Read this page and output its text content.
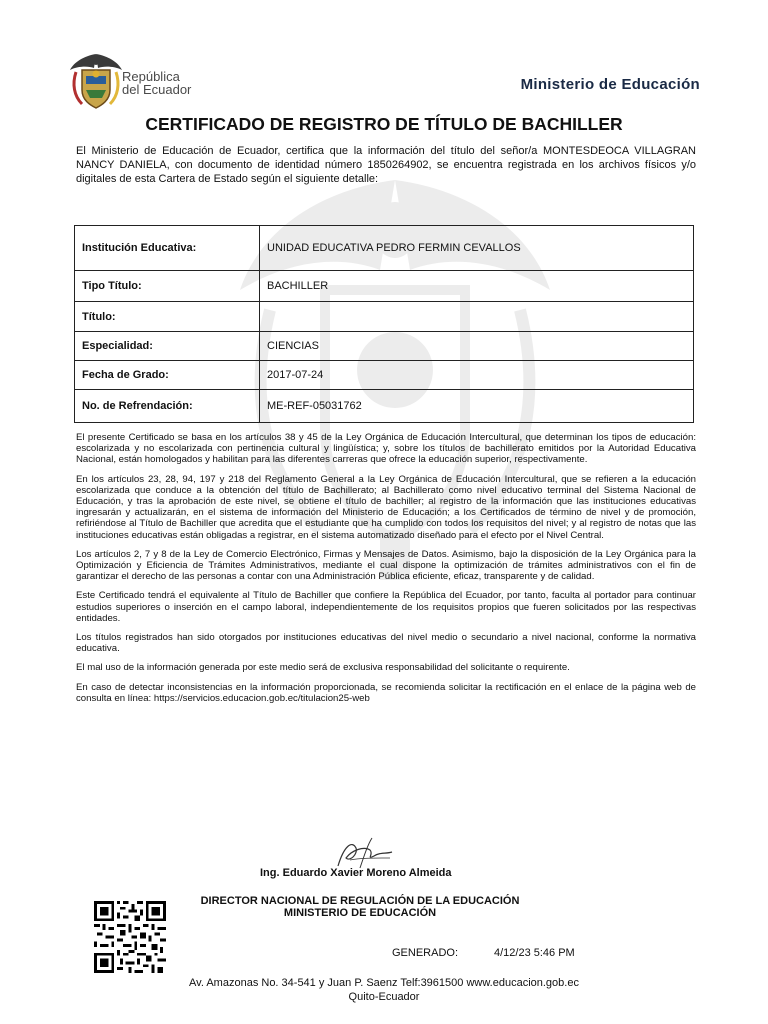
República
del Ecuador	Ministerio de Educación
CERTIFICADO DE REGISTRO DE TÍTULO DE BACHILLER
El Ministerio de Educación de Ecuador, certifica que la información del título del señor/a MONTESDEOCA VILLAGRAN NANCY DANIELA, con documento de identidad número 1850264902, se encuentra registrada en los archivos físicos y/o digitales de esta Cartera de Estado según el siguiente detalle:
Institución Educativa:	UNIDAD EDUCATIVA PEDRO FERMIN CEVALLOS
Tipo Título:	BACHILLER
Título:	
Especialidad:	CIENCIAS
Fecha de Grado:	2017-07-24
No. de Refrendación:	ME-REF-05031762

El presente Certificado se basa en los artículos 38 y 45 de la Ley Orgánica de Educación Intercultural, que determinan los tipos de educación: escolarizada y no escolarizada con pertinencia cultural y lingüística; y, sobre los títulos de bachillerato emitidos por la Autoridad Educativa Nacional, están homologados y habilitan para las diferentes carreras que ofrece la educación superior, respectivamente.

En los artículos 23, 28, 94, 197 y 218 del Reglamento General a la Ley Orgánica de Educación Intercultural, que se refieren a la educación escolarizada que conduce a la obtención del título de Bachillerato; al Bachillerato como nivel educativo terminal del Sistema Nacional de Educación, y tras la aprobación de este nivel, se obtiene el título de bachiller; al registro de la información que las instituciones educativas ingresarán y actualizarán, en el sistema de información del Ministerio de Educación; a los Certificados de término de nivel y de promoción, refiriéndose al Título de Bachiller que acredita que el estudiante que ha cumplido con todos los requisitos del nivel; y al registro de notas que las instituciones educativas están obligadas a registrar, en el sistema automatizado diseñado para el efecto por el Nivel Central.

Los artículos 2, 7 y 8 de la Ley de Comercio Electrónico, Firmas y Mensajes de Datos. Asimismo, bajo la disposición de la Ley Orgánica para la Optimización y Eficiencia de Trámites Administrativos, mediante el cual dispone la optimización de trámites administrativos con el fin de garantizar el derecho de las personas a contar con una Administración Pública eficiente, eficaz, transparente y de calidad.

Este Certificado tendrá el equivalente al Título de Bachiller que confiere la República del Ecuador, por tanto, faculta al portador para continuar estudios superiores o inserción en el campo laboral, independientemente de los requisitos propios que fueren solicitados por las respectivas entidades.

Los títulos registrados han sido otorgados por instituciones educativas del nivel medio o secundario a nivel nacional, conforme la normativa educativa.

El mal uso de la información generada por este medio será de exclusiva responsabilidad del solicitante o requirente.

En caso de detectar inconsistencias en la información proporcionada, se recomienda solicitar la rectificación en el enlace de la página web de consulta en línea: https://servicios.educacion.gob.ec/titulacion25-web

Ing. Eduardo Xavier Moreno Almeida
DIRECTOR NACIONAL DE REGULACIÓN DE LA EDUCACIÓN
MINISTERIO DE EDUCACIÓN
GENERADO:	4/12/23 5:46 PM
Av. Amazonas No. 34-541 y Juan P. Saenz Telf:3961500 www.educacion.gob.ec
Quito-Ecuador
